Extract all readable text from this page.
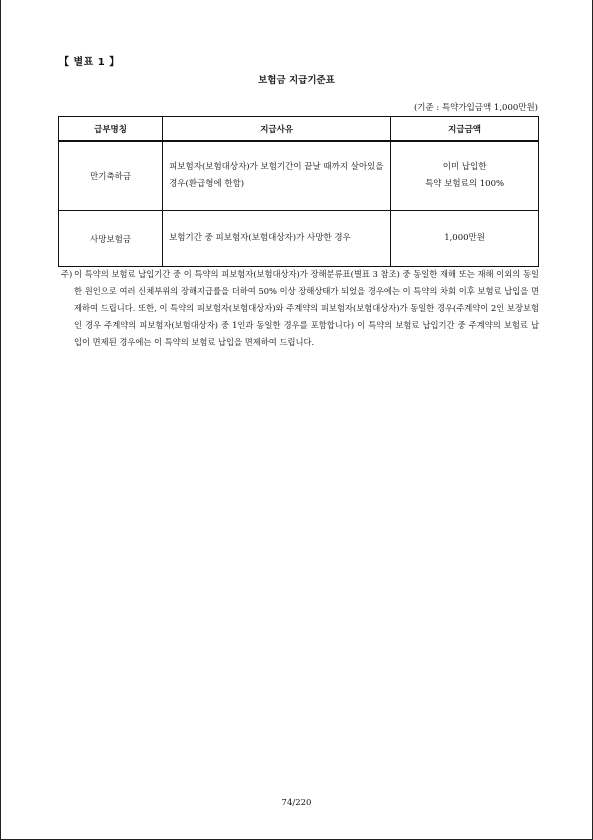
【 별표 1 】
보험금 지급기준표
(기준 : 특약가입금액 1,000만원)
급부명칭	지급사유	지급금액
만기축하금	피보험자(보험대상자)가 보험기간이 끝날 때까지 살아있을 경우(환급형에 한함)	이미 납입한
특약 보험료의 100%

사망보험금	보험기간 중 피보험자(보험대상자)가 사망한 경우	1,000만원
주) 이 특약의 보험료 납입기간 중 이 특약의 피보험자(보험대상자)가 장해분류표(별표 3 참조) 중 동일한 재해 또는 재해 이외의 동일한 원인으로 여러 신체부위의 장해지급률을 더하여 50% 이상 장해상태가 되었을 경우에는 이 특약의 차회 이후 보험료 납입을 면제하여 드립니다. 또한, 이 특약의 피보험자(보험대상자)와 주계약의 피보험자(보험대상자)가 동일한 경우(주계약이 2인 보장보험인 경우 주계약의 피보험자(보험대상자) 중 1인과 동일한 경우를 포함합니다) 이 특약의 보험료 납입기간 중 주계약의 보험료 납입이 면제된 경우에는 이 특약의 보험료 납입을 면제하여 드립니다.
74/220
